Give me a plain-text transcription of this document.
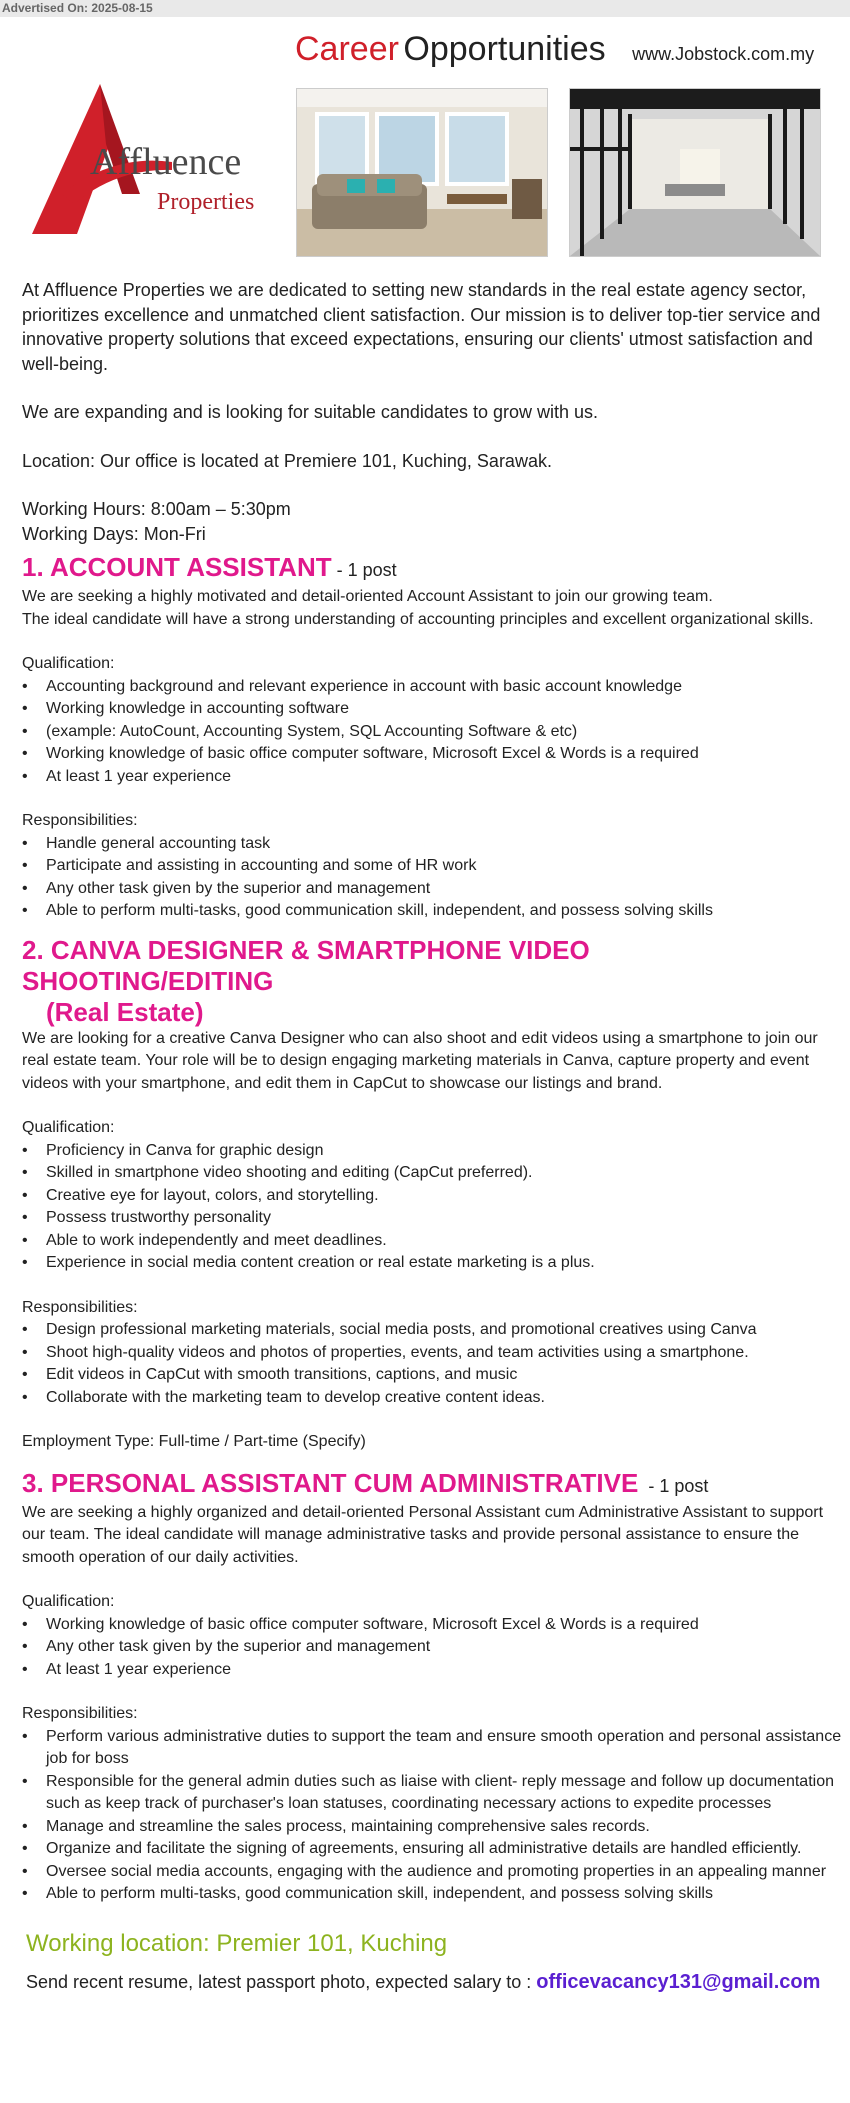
Advertised On: 2025-08-15
Career Opportunities www.Jobstock.com.my
Affluence
Properties

At Affluence Properties we are dedicated to setting new standards in the real estate agency sector, prioritizes excellence and unmatched client satisfaction. Our mission is to deliver top-tier service and innovative property solutions that exceed expectations, ensuring our clients' utmost satisfaction and well-being.

We are expanding and is looking for suitable candidates to grow with us.

Location: Our office is located at Premiere 101, Kuching, Sarawak.

Working Hours: 8:00am – 5:30pm

Working Days: Mon-Fri

1. ACCOUNT ASSISTANT - 1 post

We are seeking a highly motivated and detail-oriented Account Assistant to join our growing team.

The ideal candidate will have a strong understanding of accounting principles and excellent organizational skills.

Qualification:

• Accounting background and relevant experience in account with basic account knowledge
• Working knowledge in accounting software
• (example: AutoCount, Accounting System, SQL Accounting Software & etc)
• Working knowledge of basic office computer software, Microsoft Excel & Words is a required
• At least 1 year experience

Responsibilities:

• Handle general accounting task
• Participate and assisting in accounting and some of HR work
• Any other task given by the superior and management
• Able to perform multi-tasks, good communication skill, independent, and possess solving skills
2. CANVA DESIGNER & SMARTPHONE VIDEO SHOOTING/EDITING
(Real Estate)

We are looking for a creative Canva Designer who can also shoot and edit videos using a smartphone to join our real estate team. Your role will be to design engaging marketing materials in Canva, capture property and event videos with your smartphone, and edit them in CapCut to showcase our listings and brand.

Qualification:

• Proficiency in Canva for graphic design
• Skilled in smartphone video shooting and editing (CapCut preferred).
• Creative eye for layout, colors, and storytelling.
• Possess trustworthy personality
• Able to work independently and meet deadlines.
• Experience in social media content creation or real estate marketing is a plus.

Responsibilities:

• Design professional marketing materials, social media posts, and promotional creatives using Canva
• Shoot high-quality videos and photos of properties, events, and team activities using a smartphone.
• Edit videos in CapCut with smooth transitions, captions, and music
• Collaborate with the marketing team to develop creative content ideas.

Employment Type: Full-time / Part-time (Specify)

3. PERSONAL ASSISTANT CUM ADMINISTRATIVE  - 1 post

We are seeking a highly organized and detail-oriented Personal Assistant cum Administrative Assistant to support our team. The ideal candidate will manage administrative tasks and provide personal assistance to ensure the smooth operation of our daily activities.

Qualification:

• Working knowledge of basic office computer software, Microsoft Excel & Words is a required
• Any other task given by the superior and management
• At least 1 year experience

Responsibilities:

• Perform various administrative duties to support the team and ensure smooth operation and personal assistance job for boss
• Responsible for the general admin duties such as liaise with client- reply message and follow up documentation such as keep track of purchaser's loan statuses, coordinating necessary actions to expedite processes
• Manage and streamline the sales process, maintaining comprehensive sales records.
• Organize and facilitate the signing of agreements, ensuring all administrative details are handled efficiently.
• Oversee social media accounts, engaging with the audience and promoting properties in an appealing manner
• Able to perform multi-tasks, good communication skill, independent, and possess solving skills

Working location: Premier 101, Kuching

Send recent resume, latest passport photo, expected salary to : officevacancy131@gmail.com
